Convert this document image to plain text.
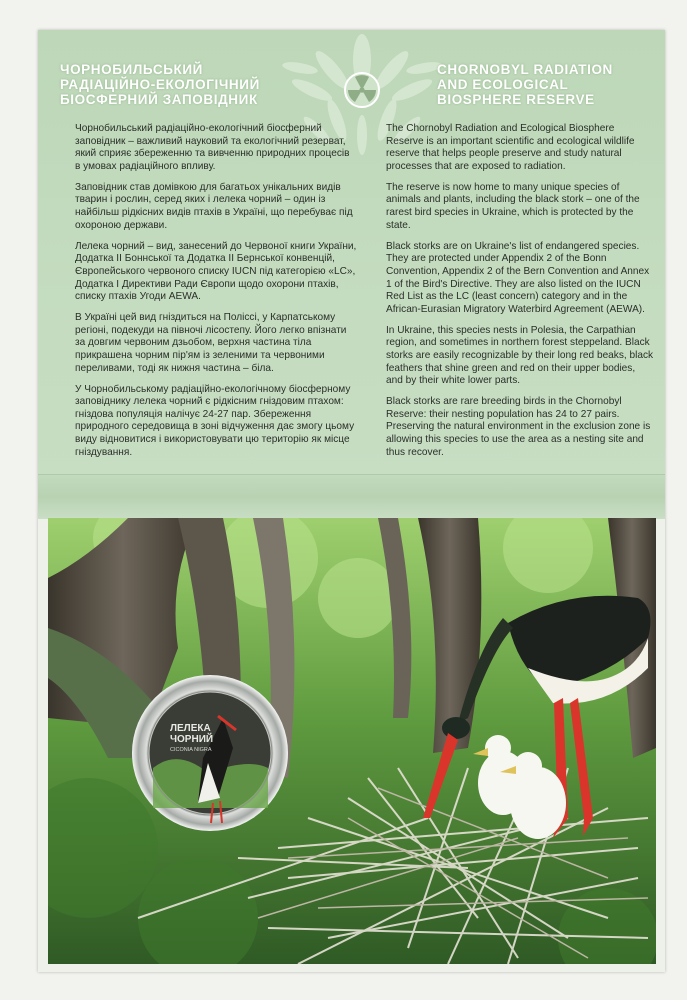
ЧОРНОБИЛЬСЬКИЙ
РАДІАЦІЙНО-ЕКОЛОГІЧНИЙ
БІОСФЕРНИЙ ЗАПОВІДНИК
CHORNOBYL RADIATION
AND ECOLOGICAL
BIOSPHERE RESERVE

Чорнобильський радіаційно-екологічний біосферний заповідник – важливий науковий та екологічний резерват, який сприяє збереженню та вивченню природних процесів в умовах радіаційного впливу.

Заповідник став домівкою для багатьох унікальних видів тварин і рослин, серед яких і лелека чорний – один із найбільш рідкісних видів птахів в Україні, що перебуває під охороною держави.

Лелека чорний – вид, занесений до Червоної книги України, Додатка ІІ Боннської та Додатка ІІ Бернської конвенцій, Європейського червоного списку IUCN під категорією «LC», Додатка І Директиви Ради Європи щодо охорони птахів, списку птахів Угоди AEWA.

В Україні цей вид гніздиться на Поліссі, у Карпатському регіоні, подекуди на півночі лісостепу. Його легко впізнати за довгим червоним дзьобом, верхня частина тіла прикрашена чорним пір'ям із зеленими та червоними переливами, тоді як нижня частина – біла.

У Чорнобильському радіаційно-екологічному біосферному заповіднику лелека чорний є рідкісним гніздовим птахом: гніздова популяція налічує 24-27 пар. Збереження природного середовища в зоні відчуження дає змогу цьому виду відновитися і використовувати цю територію як місце гніздування.

The Chornobyl Radiation and Ecological Biosphere Reserve is an important scientific and ecological wildlife reserve that helps people preserve and study natural processes that are exposed to radiation.

The reserve is now home to many unique species of animals and plants, including the black stork – one of the rarest bird species in Ukraine, which is protected by the state.

Black storks are on Ukraine's list of endangered species. They are protected under Appendix 2 of the Bonn Convention, Appendix 2 of the Bern Convention and Annex 1 of the Bird's Directive. They are also listed on the IUCN Red List as the LC (least concern) category and in the African-Eurasian Migratory Waterbird Agreement (AEWA).

In Ukraine, this species nests in Polesia, the Carpathian region, and sometimes in northern forest steppeland. Black storks are easily recognizable by their long red beaks, black feathers that shine green and red on their upper bodies, and by their white lower parts.

Black storks are rare breeding birds in the Chornobyl Reserve: their nesting population has 24 to 27 pairs. Preserving the natural environment in the exclusion zone is allowing this species to use the area as a nesting site and thus recover.

ЛЕЛЕКА
ЧОРНИЙ
CICONIA NIGRA
